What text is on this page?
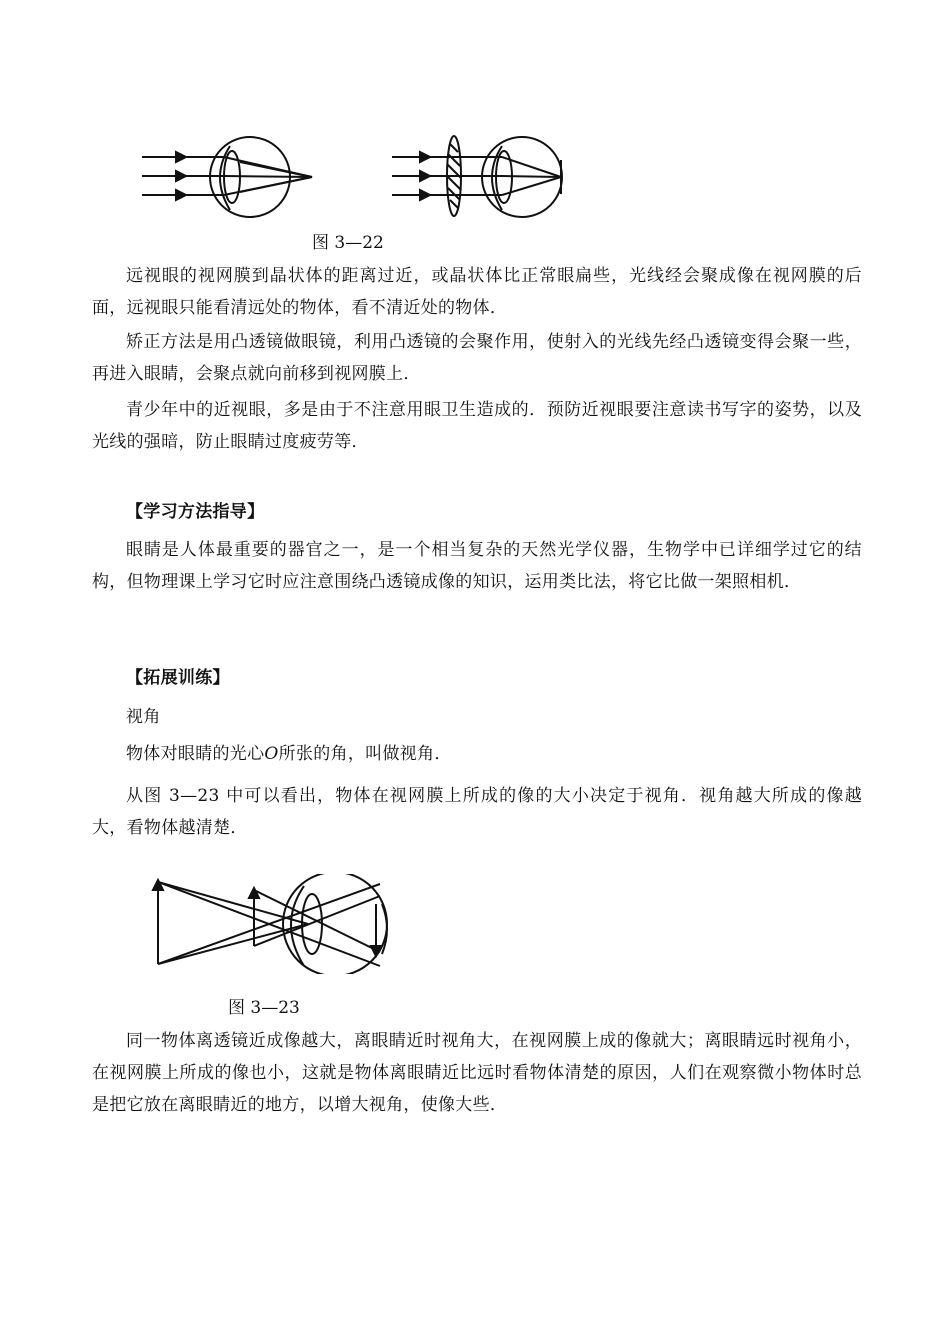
图 3—22

远视眼的视网膜到晶状体的距离过近，或晶状体比正常眼扁些，光线经会聚成像在视网膜的后面，远视眼只能看清远处的物体，看不清近处的物体．

矫正方法是用凸透镜做眼镜，利用凸透镜的会聚作用，使射入的光线先经凸透镜变得会聚一些，再进入眼睛，会聚点就向前移到视网膜上．

青少年中的近视眼，多是由于不注意用眼卫生造成的．预防近视眼要注意读书写字的姿势，以及光线的强暗，防止眼睛过度疲劳等．

【学习方法指导】

眼睛是人体最重要的器官之一，是一个相当复杂的天然光学仪器，生物学中已详细学过它的结构，但物理课上学习它时应注意围绕凸透镜成像的知识，运用类比法，将它比做一架照相机．

【拓展训练】

视角

物体对眼睛的光心O所张的角，叫做视角．

从图 3—23 中可以看出，物体在视网膜上所成的像的大小决定于视角．视角越大所成的像越大，看物体越清楚．

图 3—23

同一物体离透镜近成像越大，离眼睛近时视角大，在视网膜上成的像就大；离眼睛远时视角小，在视网膜上所成的像也小，这就是物体离眼睛近比远时看物体清楚的原因，人们在观察微小物体时总是把它放在离眼睛近的地方，以增大视角，使像大些．
